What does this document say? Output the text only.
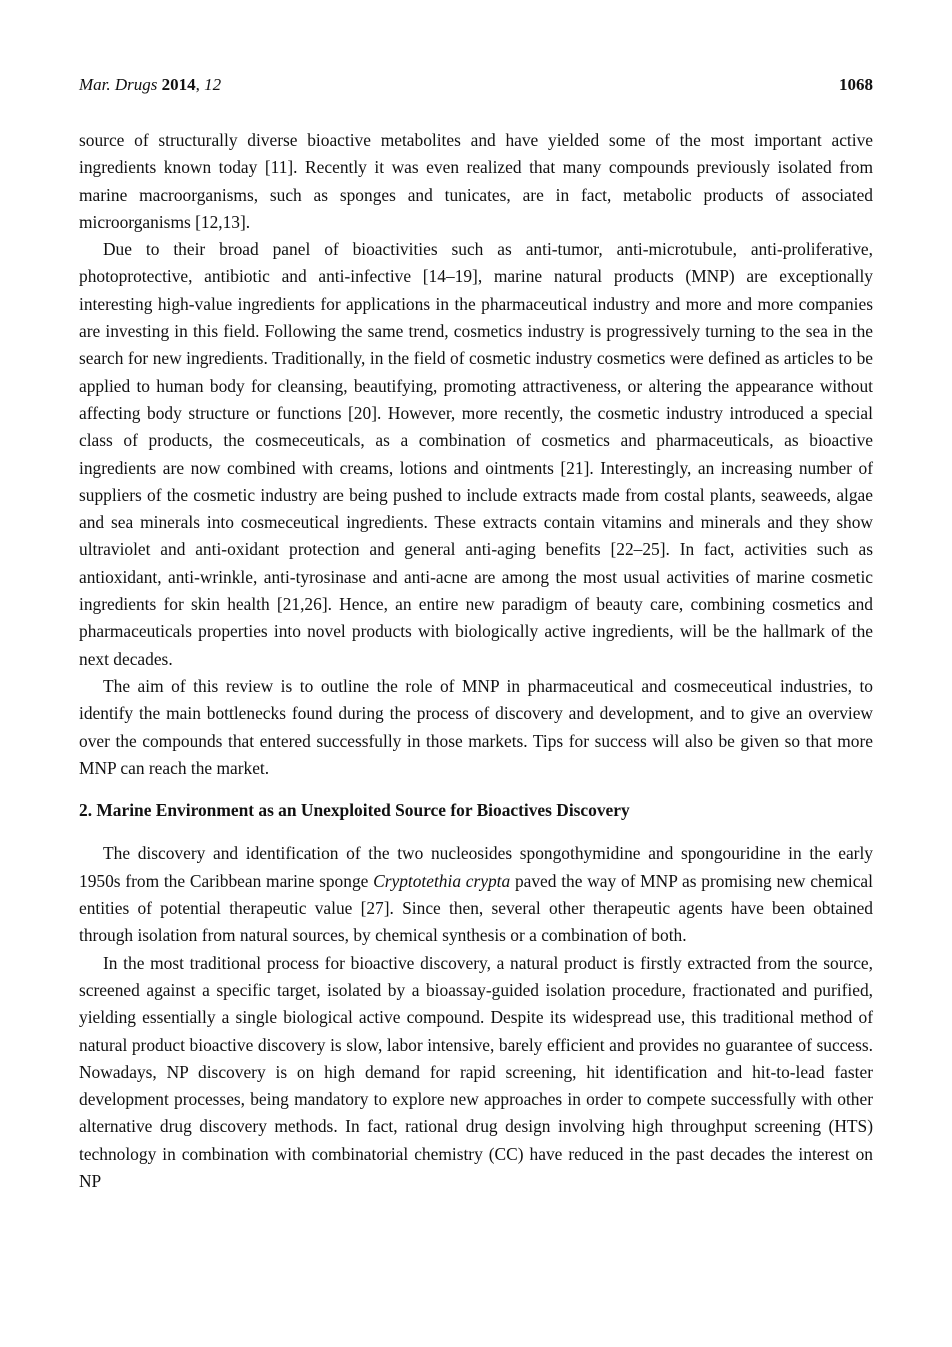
Mar. Drugs 2014, 12	1068

source of structurally diverse bioactive metabolites and have yielded some of the most important active ingredients known today [11]. Recently it was even realized that many compounds previously isolated from marine macroorganisms, such as sponges and tunicates, are in fact, metabolic products of associated microorganisms [12,13].

Due to their broad panel of bioactivities such as anti-tumor, anti-microtubule, anti-proliferative, photoprotective, antibiotic and anti-infective [14–19], marine natural products (MNP) are exceptionally interesting high-value ingredients for applications in the pharmaceutical industry and more and more companies are investing in this field. Following the same trend, cosmetics industry is progressively turning to the sea in the search for new ingredients. Traditionally, in the field of cosmetic industry cosmetics were defined as articles to be applied to human body for cleansing, beautifying, promoting attractiveness, or altering the appearance without affecting body structure or functions [20]. However, more recently, the cosmetic industry introduced a special class of products, the cosmeceuticals, as a combination of cosmetics and pharmaceuticals, as bioactive ingredients are now combined with creams, lotions and ointments [21]. Interestingly, an increasing number of suppliers of the cosmetic industry are being pushed to include extracts made from costal plants, seaweeds, algae and sea minerals into cosmeceutical ingredients. These extracts contain vitamins and minerals and they show ultraviolet and anti-oxidant protection and general anti-aging benefits [22–25]. In fact, activities such as antioxidant, anti-wrinkle, anti-tyrosinase and anti-acne are among the most usual activities of marine cosmetic ingredients for skin health [21,26]. Hence, an entire new paradigm of beauty care, combining cosmetics and pharmaceuticals properties into novel products with biologically active ingredients, will be the hallmark of the next decades.

The aim of this review is to outline the role of MNP in pharmaceutical and cosmeceutical industries, to identify the main bottlenecks found during the process of discovery and development, and to give an overview over the compounds that entered successfully in those markets. Tips for success will also be given so that more MNP can reach the market.

2. Marine Environment as an Unexploited Source for Bioactives Discovery

The discovery and identification of the two nucleosides spongothymidine and spongouridine in the early 1950s from the Caribbean marine sponge Cryptotethia crypta paved the way of MNP as promising new chemical entities of potential therapeutic value [27]. Since then, several other therapeutic agents have been obtained through isolation from natural sources, by chemical synthesis or a combination of both.

In the most traditional process for bioactive discovery, a natural product is firstly extracted from the source, screened against a specific target, isolated by a bioassay-guided isolation procedure, fractionated and purified, yielding essentially a single biological active compound. Despite its widespread use, this traditional method of natural product bioactive discovery is slow, labor intensive, barely efficient and provides no guarantee of success. Nowadays, NP discovery is on high demand for rapid screening, hit identification and hit-to-lead faster development processes, being mandatory to explore new approaches in order to compete successfully with other alternative drug discovery methods. In fact, rational drug design involving high throughput screening (HTS) technology in combination with combinatorial chemistry (CC) have reduced in the past decades the interest on NP
